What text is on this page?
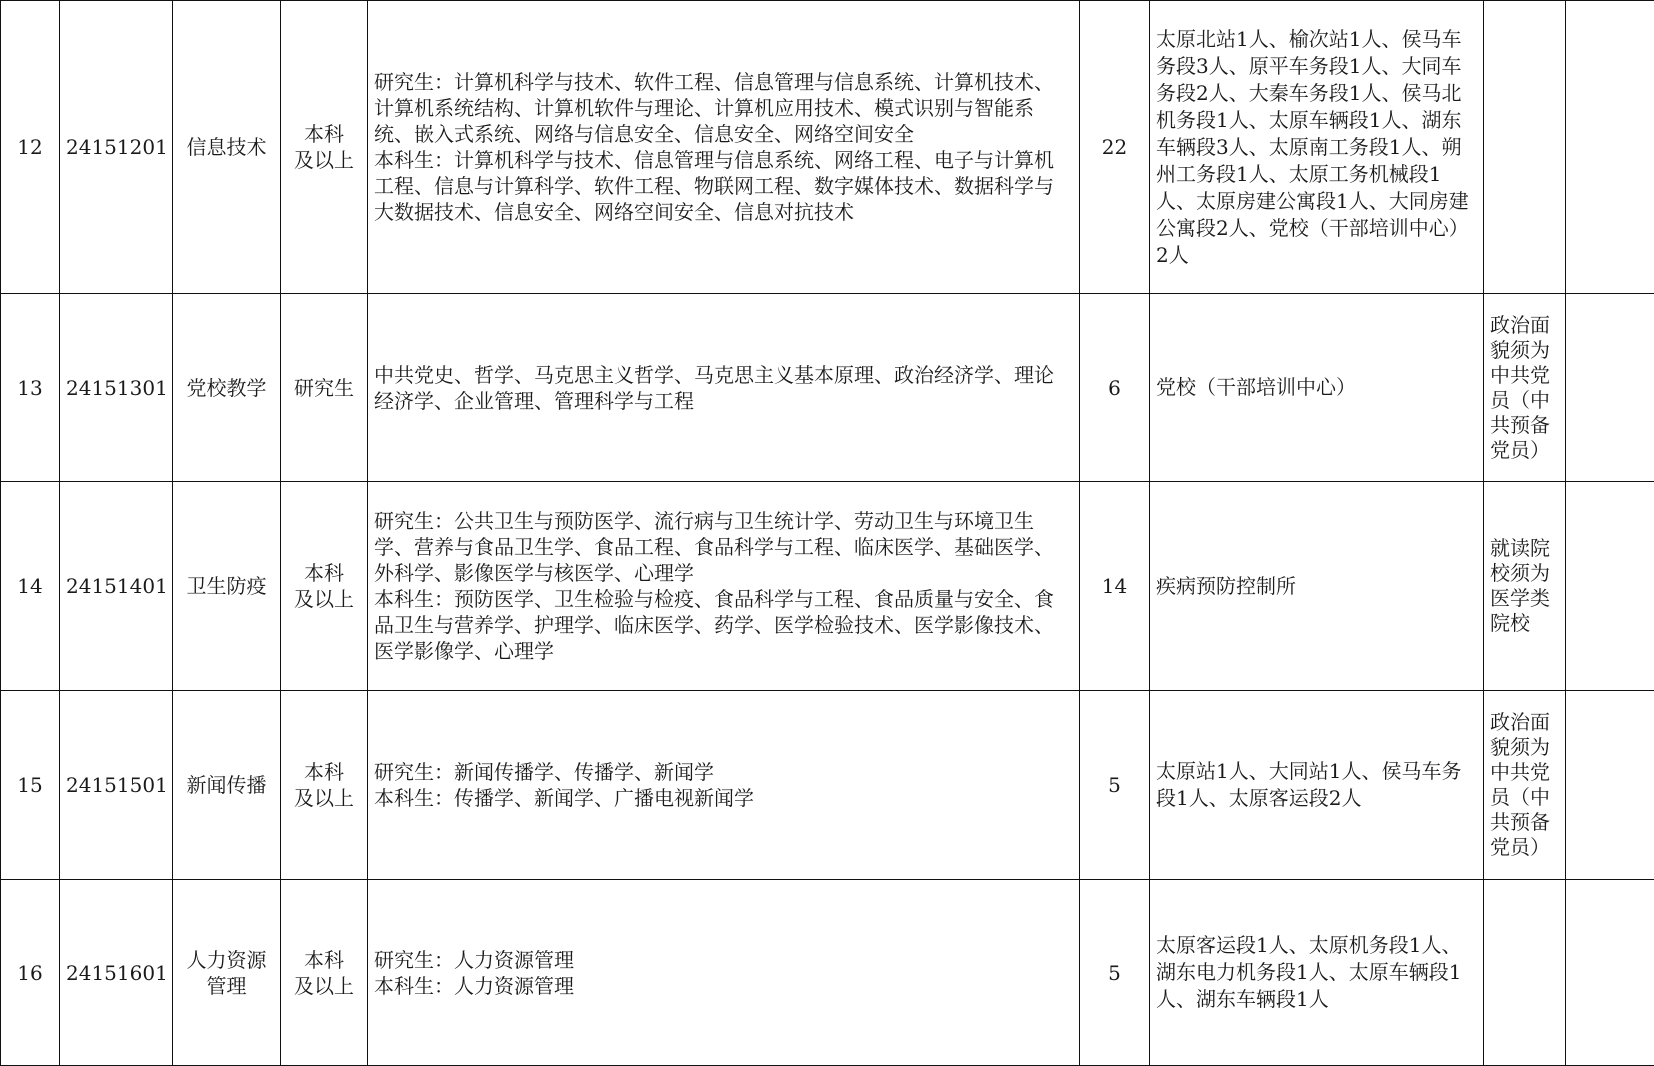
12	24151201	信息技术	本科
及以上	研究生：计算机科学与技术、软件工程、信息管理与信息系统、计算机技术、计算机系统结构、计算机软件与理论、计算机应用技术、模式识别与智能系统、嵌入式系统、网络与信息安全、信息安全、网络空间安全
本科生：计算机科学与技术、信息管理与信息系统、网络工程、电子与计算机工程、信息与计算科学、软件工程、物联网工程、数字媒体技术、数据科学与大数据技术、信息安全、网络空间安全、信息对抗技术	22	太原北站1人、榆次站1人、侯马车务段3人、原平车务段1人、大同车务段2人、大秦车务段1人、侯马北机务段1人、太原车辆段1人、湖东车辆段3人、太原南工务段1人、朔州工务段1人、太原工务机械段1人、太原房建公寓段1人、大同房建公寓段2人、党校（干部培训中心）2人		
13	24151301	党校教学	研究生	中共党史、哲学、马克思主义哲学、马克思主义基本原理、政治经济学、理论经济学、企业管理、管理科学与工程	6	党校（干部培训中心）	政治面貌须为中共党员（中共预备党员）	
14	24151401	卫生防疫	本科
及以上	研究生：公共卫生与预防医学、流行病与卫生统计学、劳动卫生与环境卫生学、营养与食品卫生学、食品工程、食品科学与工程、临床医学、基础医学、外科学、影像医学与核医学、心理学
本科生：预防医学、卫生检验与检疫、食品科学与工程、食品质量与安全、食品卫生与营养学、护理学、临床医学、药学、医学检验技术、医学影像技术、医学影像学、心理学	14	疾病预防控制所	就读院校须为医学类院校	
15	24151501	新闻传播	本科
及以上	研究生：新闻传播学、传播学、新闻学
本科生：传播学、新闻学、广播电视新闻学	5	太原站1人、大同站1人、侯马车务段1人、太原客运段2人	政治面貌须为中共党员（中共预备党员）	
16	24151601	人力资源
管理	本科
及以上	研究生：人力资源管理
本科生：人力资源管理	5	太原客运段1人、太原机务段1人、湖东电力机务段1人、太原车辆段1人、湖东车辆段1人		
